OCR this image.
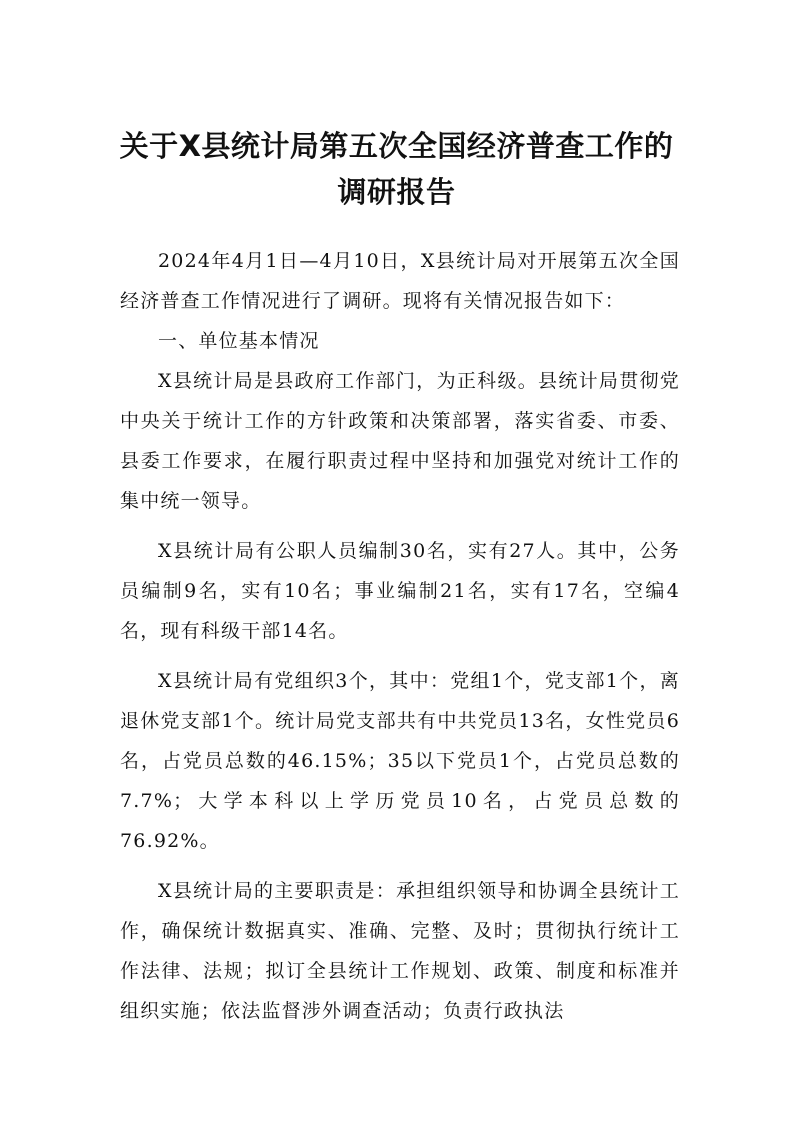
关于X县统计局第五次全国经济普查工作的
调研报告

2024年4月1日—4月10日，X县统计局对开展第五次全国经济普查工作情况进行了调研。现将有关情况报告如下：

一、单位基本情况

X县统计局是县政府工作部门，为正科级。县统计局贯彻党中央关于统计工作的方针政策和决策部署，落实省委、市委、县委工作要求，在履行职责过程中坚持和加强党对统计工作的集中统一领导。

X县统计局有公职人员编制30名，实有27人。其中，公务员编制9名，实有10名；事业编制21名，实有17名，空编4名，现有科级干部14名。

X县统计局有党组织3个，其中：党组1个，党支部1个，离退休党支部1个。统计局党支部共有中共党员13名，女性党员6名，占党员总数的46.15%；35以下党员1个，占党员总数的7.7%；大学本科以上学历党员10名，占党员总数的76.92%。

X县统计局的主要职责是：承担组织领导和协调全县统计工作，确保统计数据真实、准确、完整、及时；贯彻执行统计工作法律、法规；拟订全县统计工作规划、政策、制度和标准并组织实施；依法监督涉外调查活动；负责行政执法
